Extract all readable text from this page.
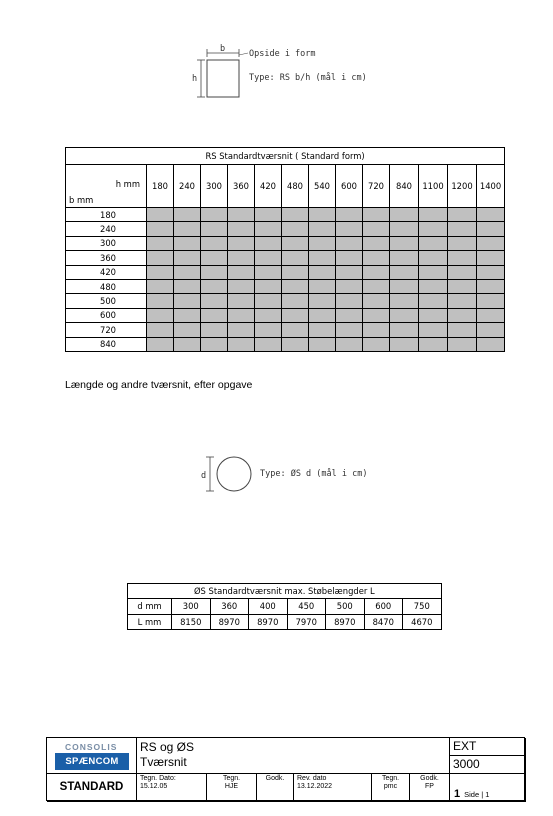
b
h
Opside i form
Type: RS b/h (mål i cm)
RS Standardtværsnit ( Standard form)													

h mm
b mm	180	240	300	360	420	480	540	600	720	840	1100	1200	1400
180													
240													
300													
360													
420													
480													
500													
600													
720													
840													
Længde og andre tværsnit, efter opgave
d	Type: ØS d (mål i cm)
ØS Standardtværsnit max. Støbelængder L							
d mm	300	360	400	450	500	600	750
L mm	8150	8970	8970	7970	8970	8470	4670
CONSOLIS
SPÆNCOM
STANDARD
RS og ØS
Tværsnit
EXT
3000
Tegn. Dato:
15.12.05
Tegn.
HJE
Godk.	Rev. dato
13.12.2022
Tegn.
pmc
Godk.
FP
1 Side | 1
